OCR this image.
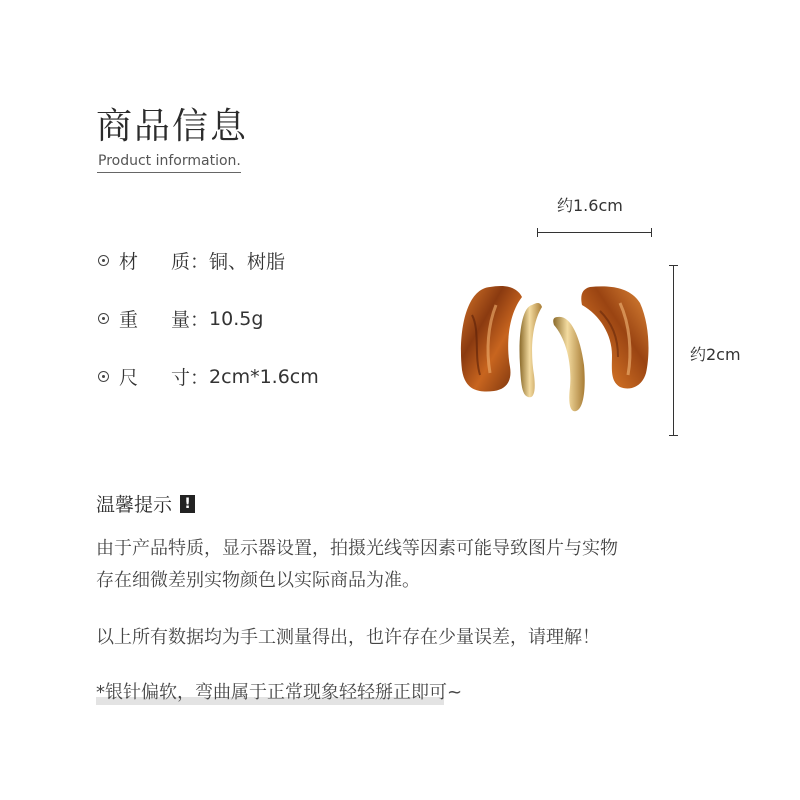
商品信息
Product information.
材	质 ： 铜、树脂
重	量 ： 10.5g
尺	寸 ： 2cm*1.6cm
约1.6cm
约2cm
温馨提示 !
由于产品特质，显示器设置，拍摄光线等因素可能导致图片与实物
存在细微差别实物颜色以实际商品为准。
以上所有数据均为手工测量得出，也许存在少量误差，请理解！
*银针偏软，弯曲属于正常现象轻轻掰正即可~
